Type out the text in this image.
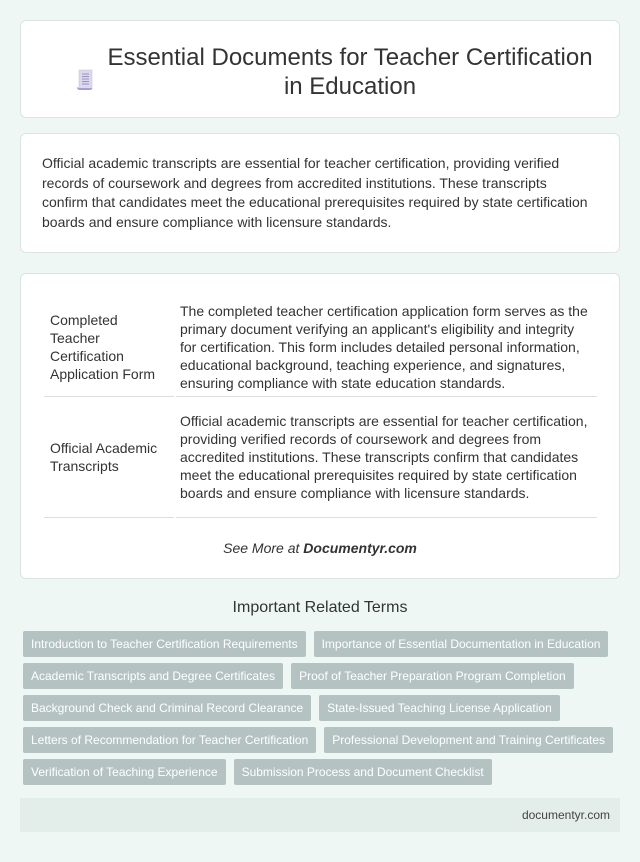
Essential Documents for Teacher Certification in Education

Official academic transcripts are essential for teacher certification, providing verified records of coursework and degrees from accredited institutions. These transcripts confirm that candidates meet the educational prerequisites required by state certification boards and ensure compliance with licensure standards.

Completed Teacher Certification Application Form	The completed teacher certification application form serves as the primary document verifying an applicant's eligibility and integrity for certification. This form includes detailed personal information, educational background, teaching experience, and signatures, ensuring compliance with state education standards.
Official Academic Transcripts	Official academic transcripts are essential for teacher certification, providing verified records of coursework and degrees from accredited institutions. These transcripts confirm that candidates meet the educational prerequisites required by state certification boards and ensure compliance with licensure standards.
See More at Documentyr.com
Important Related Terms
Introduction to Teacher Certification Requirements	Importance of Essential Documentation in Education
Academic Transcripts and Degree Certificates	Proof of Teacher Preparation Program Completion
Background Check and Criminal Record Clearance	State-Issued Teaching License Application
Letters of Recommendation for Teacher Certification	Professional Development and Training Certificates
Verification of Teaching Experience	Submission Process and Document Checklist
documentyr.com
